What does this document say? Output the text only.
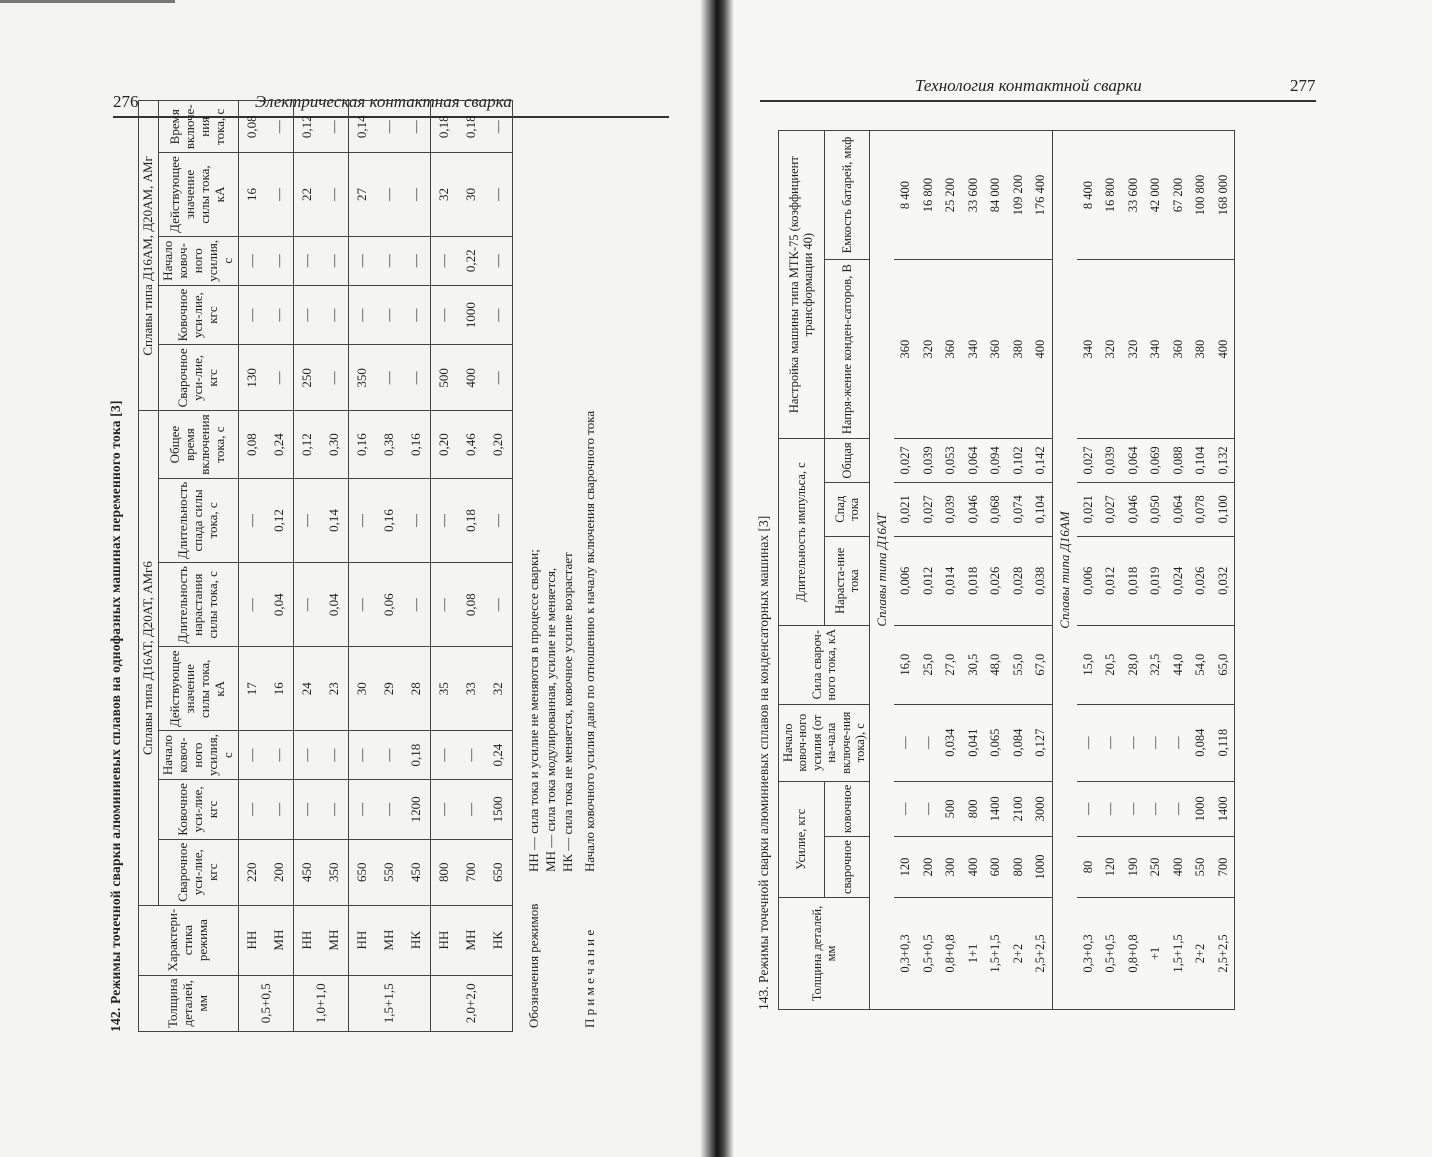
276	Электрическая контактная сварка
142. Режимы точечной сварки алюминиевых сплавов на однофазных машинах переменного тока [3]	Толщина деталей, мм	Характери-стика режима	Сплавы типа Д16АТ, Д20АТ, АМг6							Сплавы типа Д16АМ, Д20АМ, АМг				
		Сварочное уси-лие, кгс	Ковочное уси-лие, кгс	Начало ковоч-ного усилия, с	Действующее значение силы тока, кА	Длительность нарастания силы тока, с	Длительность спада силы тока, с	Общее время включения тока, с	Сварочное уси-лие, кгс	Ковочное уси-лие, кгс	Начало ковоч-ного усилия, с	Действующее значение силы тока, кА	Время включе-ния тока, с
0,5+0,5	НН	220	—	—	17	—	—	0,08	130	—	—	16	0,08
	МН	200	—	—	16	0,04	0,12	0,24	—	—	—	—	—
1,0+1,0	НН	450	—	—	24	—	—	0,12	250	—	—	22	0,12
	МН	350	—	—	23	0,04	0,14	0,30	—	—	—	—	—
1,5+1,5	НН	650	—	—	30	—	—	0,16	350	—	—	27	0,14
	МН	550	—	—	29	0,06	0,16	0,38	—	—	—	—	—
	НК	450	1200	0,18	28	—	—	0,16	—	—	—	—	—
2,0+2,0	НН	800	—	—	35	—	—	0,20	500	—	—	32	0,18
	МН	700	—	—	33	0,08	0,18	0,46	400	1000	0,22	30	0,18
	НК	650	1500	0,24	32	—	—	0,20	—	—	—	—	—
Обозначения режимов
НН — сила тока и усилие не меняются в процессе сварки; МН — сила тока модулированная, усилие не меняется, НК — сила тока не меняется, ковочное усилие возрастает
П р и м е ч а н и е
Начало ковочного усилия дано по отношению к началу включения сварочного тока
Технология контактной сварки	277
143. Режимы точечной сварки алюминиевых сплавов на конденсаторных машинах [3]	Толщина деталей, мм	Усилие, кгс		Начало ковоч-ного усилия (от на-чала включе-ния тока), с	Сила свароч-ного тока, кА	Длительность импульса, с			Настройка машины типа МТК-75 (коэффициент трансформации 40)	
	сварочное	ковочное			Нараста-ние тока	Спад тока	Общая	Напря-жение конден-саторов, В	Емкость батарей, мкф
Сплавы типа Д16АТ									
0,3+0,3	120	—	—	16,0	0,006	0,021	0,027	360	8 400
0,5+0,5	200	—	—	25,0	0,012	0,027	0,039	320	16 800
0,8+0,8	300	500	0,034	27,0	0,014	0,039	0,053	360	25 200
1+1	400	800	0,041	30,5	0,018	0,046	0,064	340	33 600
1,5+1,5	600	1400	0,065	48,0	0,026	0,068	0,094	360	84 000
2+2	800	2100	0,084	55,0	0,028	0,074	0,102	380	109 200
2,5+2,5	1000	3000	0,127	67,0	0,038	0,104	0,142	400	176 400
Сплавы типа Д16АМ									
0,3+0,3	80	—	—	15,0	0,006	0,021	0,027	340	8 400
0,5+0,5	120	—	—	20,5	0,012	0,027	0,039	320	16 800
0,8+0,8	190	—	—	28,0	0,018	0,046	0,064	320	33 600
+1	250	—	—	32,5	0,019	0,050	0,069	340	42 000
1,5+1,5	400	—	—	44,0	0,024	0,064	0,088	360	67 200
2+2	550	1000	0,084	54,0	0,026	0,078	0,104	380	100 800
2,5+2,5	700	1400	0,118	65,0	0,032	0,100	0,132	400	168 000
